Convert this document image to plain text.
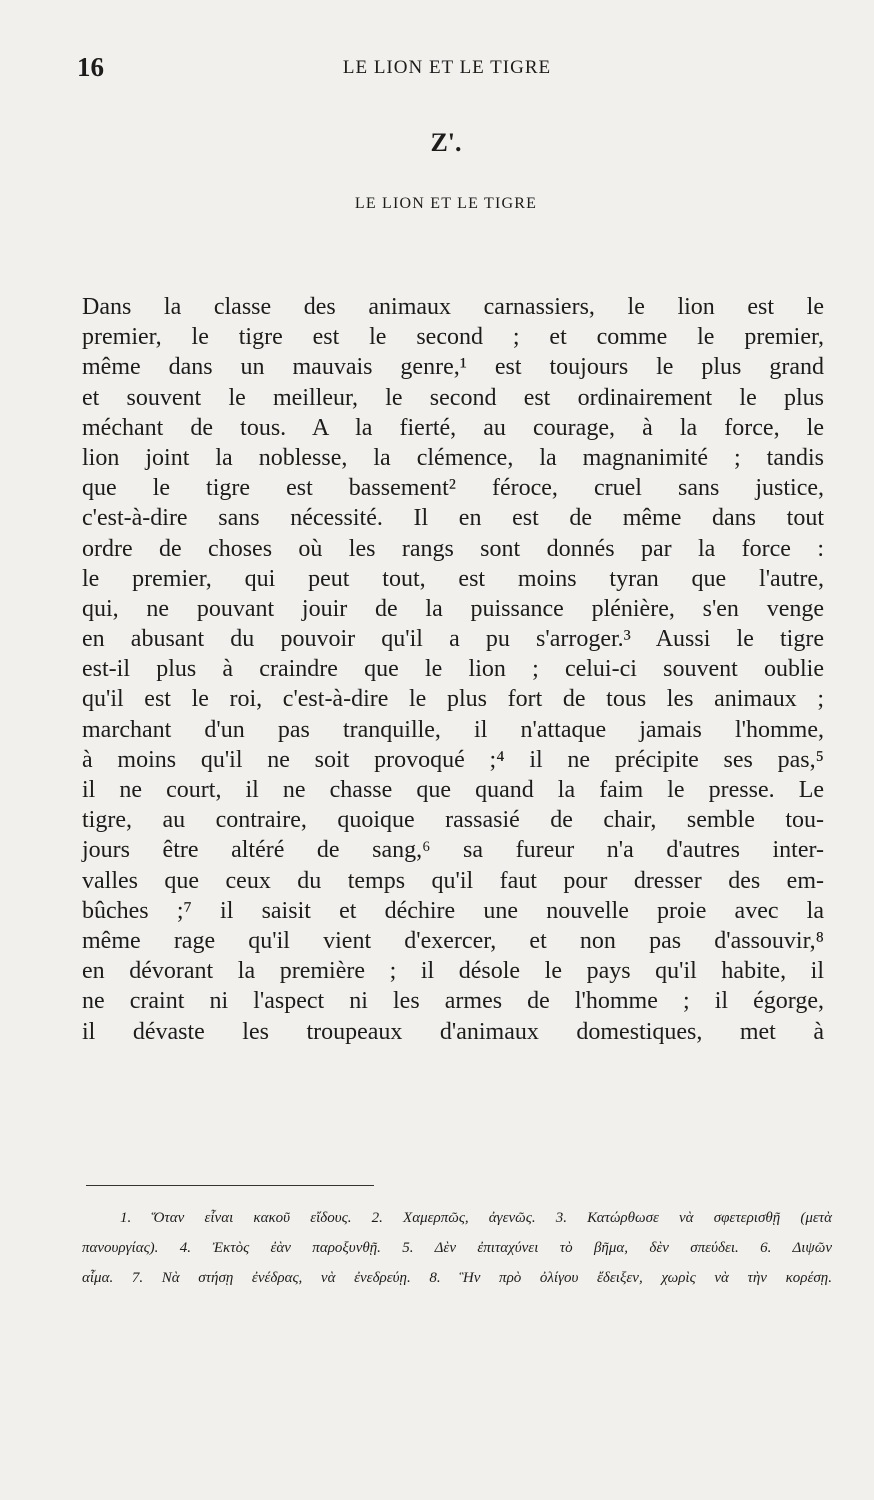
16	LE LION ET LE TIGRE
Z'.
LE LION ET LE TIGRE
Dans la classe des animaux carnassiers, le lion est le
premier, le tigre est le second ; et comme le premier,
même dans un mauvais genre,¹ est toujours le plus grand
et souvent le meilleur, le second est ordinairement le plus
méchant de tous. A la fierté, au courage, à la force, le
lion joint la noblesse, la clémence, la magnanimité ; tandis
que le tigre est bassement² féroce, cruel sans justice,
c'est-à-dire sans nécessité. Il en est de même dans tout
ordre de choses où les rangs sont donnés par la force :
le premier, qui peut tout, est moins tyran que l'autre,
qui, ne pouvant jouir de la puissance plénière, s'en venge
en abusant du pouvoir qu'il a pu s'arroger.³ Aussi le tigre
est-il plus à craindre que le lion ; celui-ci souvent oublie
qu'il est le roi, c'est-à-dire le plus fort de tous les animaux ;
marchant d'un pas tranquille, il n'attaque jamais l'homme,
à moins qu'il ne soit provoqué ;⁴ il ne précipite ses pas,⁵
il ne court, il ne chasse que quand la faim le presse. Le
tigre, au contraire, quoique rassasié de chair, semble tou-
jours être altéré de sang,⁶ sa fureur n'a d'autres inter-
valles que ceux du temps qu'il faut pour dresser des em-
bûches ;⁷ il saisit et déchire une nouvelle proie avec la
même rage qu'il vient d'exercer, et non pas d'assouvir,⁸
en dévorant la première ; il désole le pays qu'il habite, il
ne craint ni l'aspect ni les armes de l'homme ; il égorge,
il dévaste les troupeaux d'animaux domestiques, met à
1. Ὅταν εἶναι κακοῦ εἴδους. 2. Χαμερπῶς, ἀγενῶς. 3. Κατώρθωσε νὰ σφετερισθῇ (μετὰ
πανουργίας). 4. Ἐκτὸς ἐὰν παροξυνθῇ. 5. Δὲν ἐπιταχύνει τὸ βῆμα, δὲν σπεύδει. 6. Διψῶν
αἷμα. 7. Νὰ στήσῃ ἐνέδρας, νὰ ἐνεδρεύῃ. 8. Ἣν πρὸ ὀλίγου ἔδειξεν, χωρὶς νὰ τὴν κορέσῃ.
